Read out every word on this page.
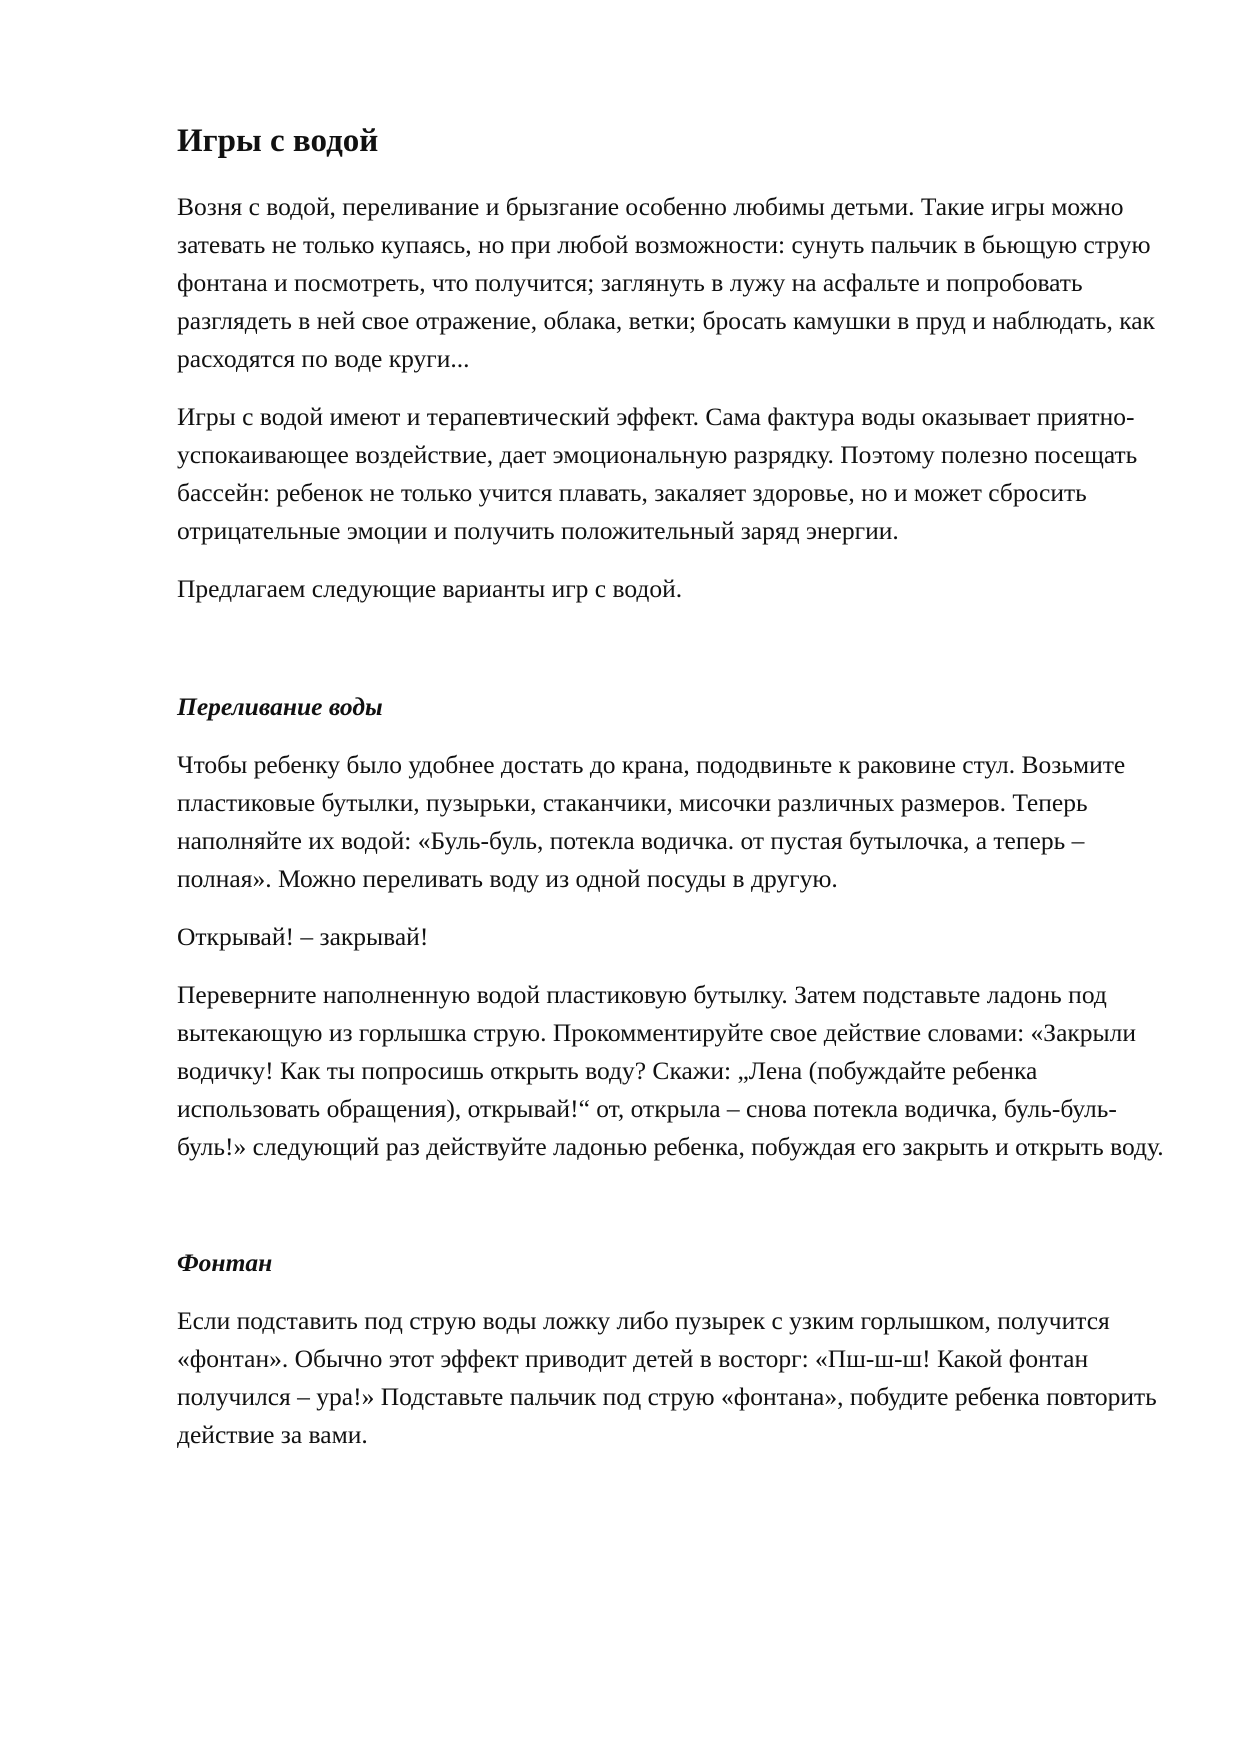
Игры с водой

Возня с водой, переливание и брызгание особенно любимы детьми. Такие игры можно затевать не только купаясь, но при любой возможности: сунуть пальчик в бьющую струю фонтана и посмотреть, что получится; заглянуть в лужу на асфальте и попробовать разглядеть в ней свое отражение, облака, ветки; бросать камушки в пруд и наблюдать, как расходятся по воде круги...

Игры с водой имеют и терапевтический эффект. Сама фактура воды оказывает приятно-успокаивающее воздействие, дает эмоциональную разрядку. Поэтому полезно посещать бассейн: ребенок не только учится плавать, закаляет здоровье, но и может сбросить отрицательные эмоции и получить положительный заряд энергии.

Предлагаем следующие варианты игр с водой.

Переливание воды

Чтобы ребенку было удобнее достать до крана, пододвиньте к раковине стул. Возьмите пластиковые бутылки, пузырьки, стаканчики, мисочки различных размеров. Теперь наполняйте их водой: «Буль-буль, потекла водичка. от пустая бутылочка, а теперь – полная». Можно переливать воду из одной посуды в другую.

Открывай! – закрывай!

Переверните наполненную водой пластиковую бутылку. Затем подставьте ладонь под вытекающую из горлышка струю. Прокомментируйте свое действие словами: «Закрыли водичку! Как ты попросишь открыть воду? Скажи: „Лена (побуждайте ребенка использовать обращения), открывай!“ от, открыла – снова потекла водичка, буль-буль-буль!» следующий раз действуйте ладонью ребенка, побуждая его закрыть и открыть воду.

Фонтан

Если подставить под струю воды ложку либо пузырек с узким горлышком, получится «фонтан». Обычно этот эффект приводит детей в восторг: «Пш-ш-ш! Какой фонтан получился – ура!» Подставьте пальчик под струю «фонтана», побудите ребенка повторить действие за вами.
